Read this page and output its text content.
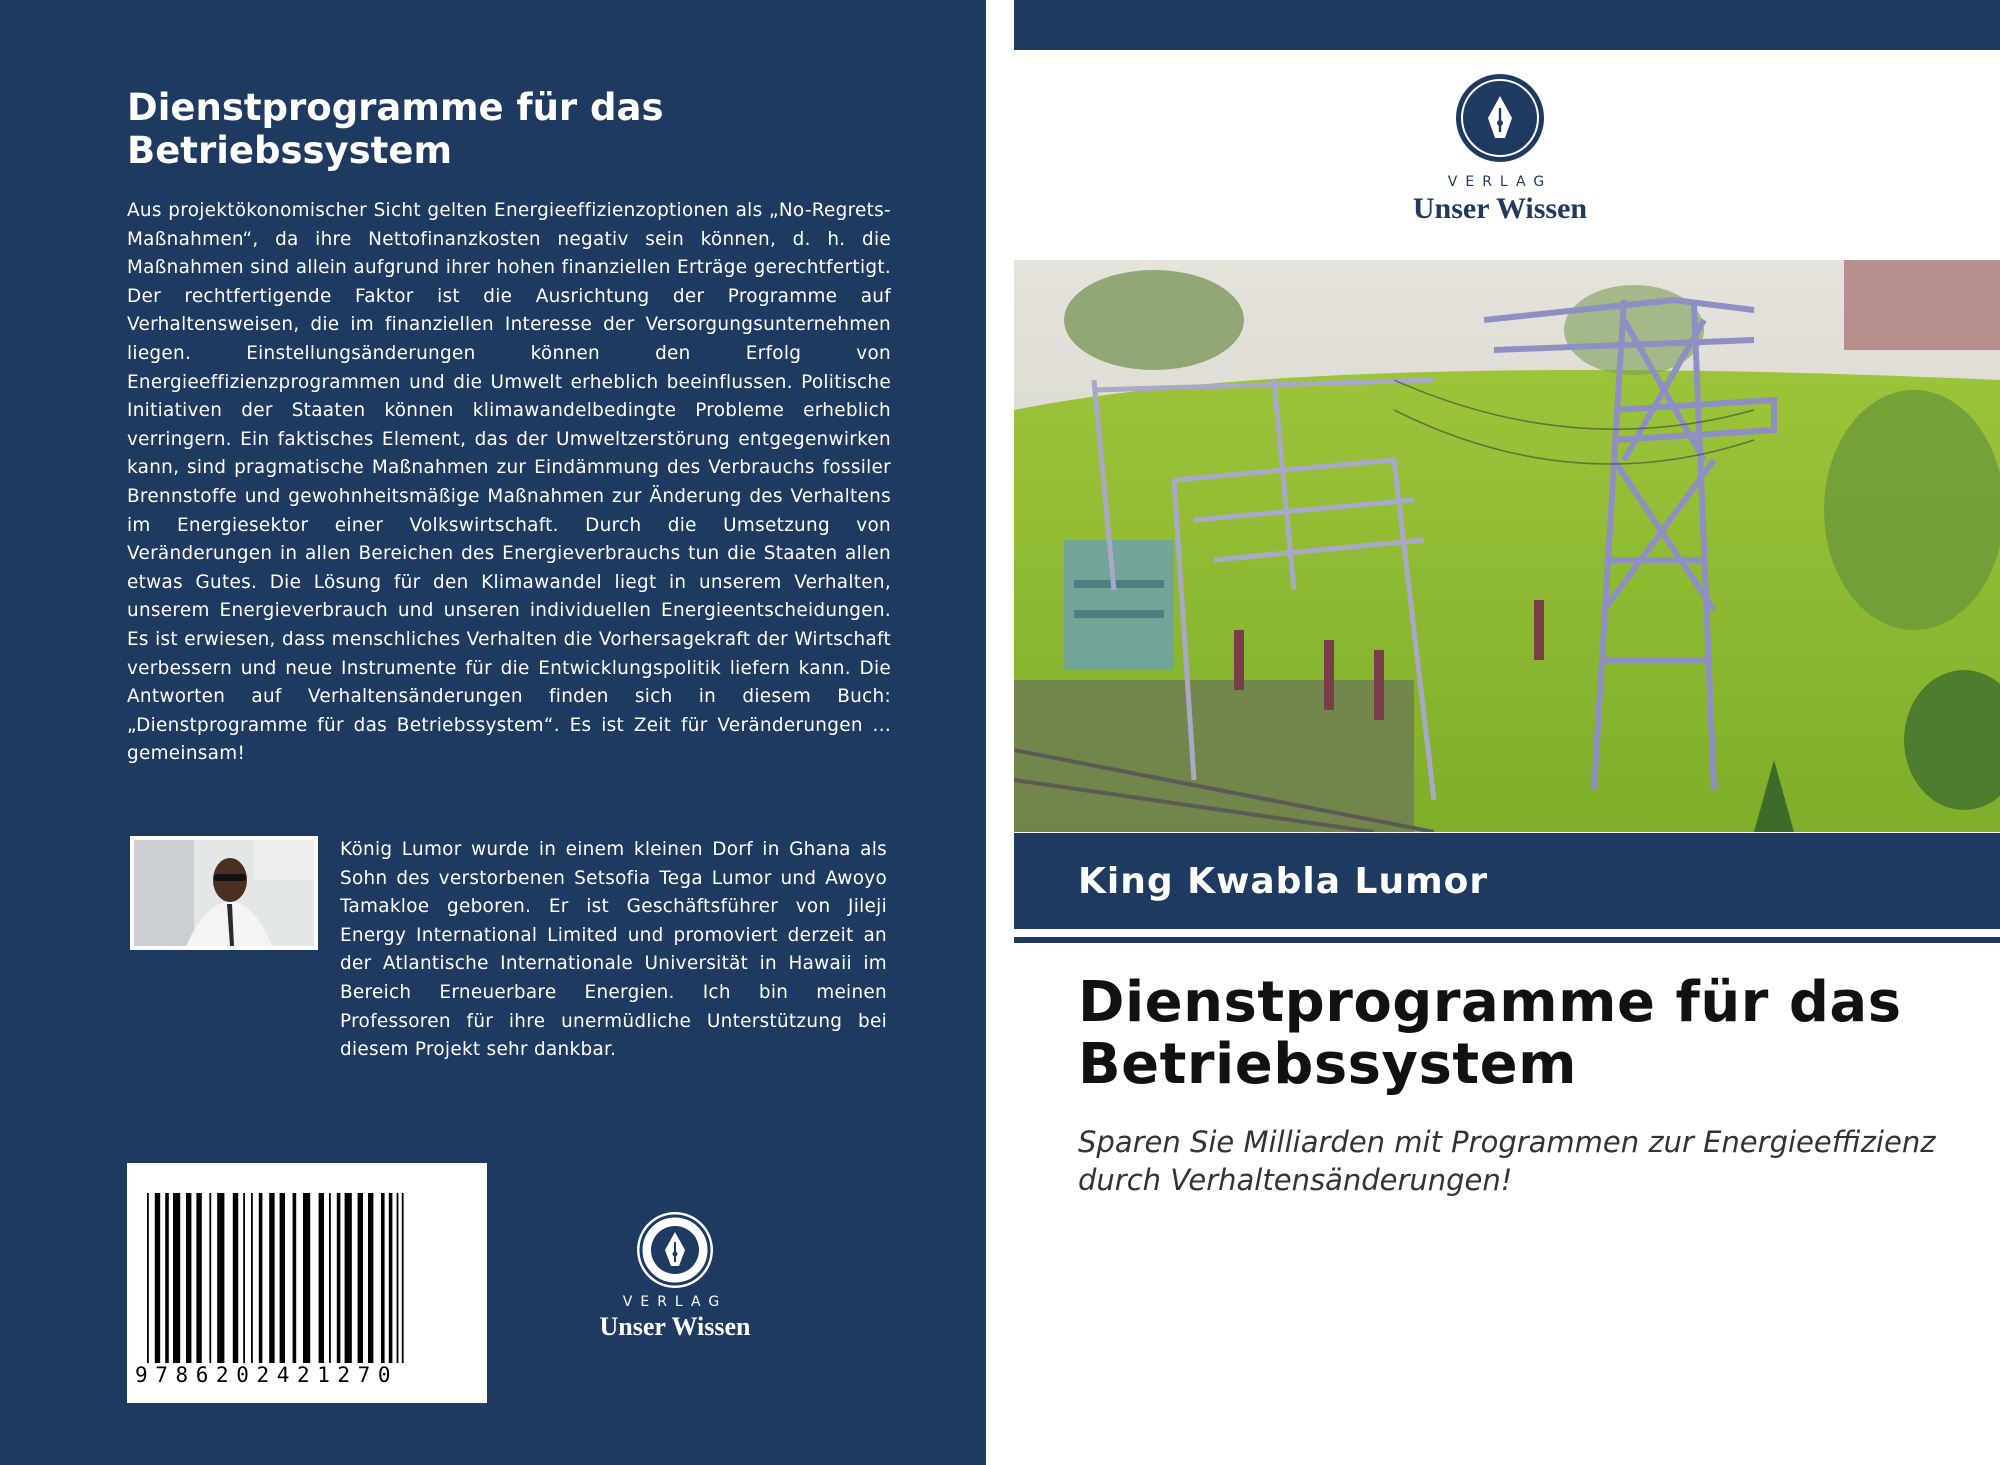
Dienstprogramme für das Betriebssystem
Aus projektökonomischer Sicht gelten Energieeffizienzoptionen als „No-Regrets-Maßnahmen“, da ihre Nettofinanzkosten negativ sein können, d. h. die Maßnahmen sind allein aufgrund ihrer hohen finanziellen Erträge gerechtfertigt. Der rechtfertigende Faktor ist die Ausrichtung der Programme auf Verhaltensweisen, die im finanziellen Interesse der Versorgungsunternehmen liegen. Einstellungsänderungen können den Erfolg von Energieeffizienzprogrammen und die Umwelt erheblich beeinflussen. Politische Initiativen der Staaten können klimawandelbedingte Probleme erheblich verringern. Ein faktisches Element, das der Umweltzerstörung entgegenwirken kann, sind pragmatische Maßnahmen zur Eindämmung des Verbrauchs fossiler Brennstoffe und gewohnheitsmäßige Maßnahmen zur Änderung des Verhaltens im Energiesektor einer Volkswirtschaft. Durch die Umsetzung von Veränderungen in allen Bereichen des Energieverbrauchs tun die Staaten allen etwas Gutes. Die Lösung für den Klimawandel liegt in unserem Verhalten, unserem Energieverbrauch und unseren individuellen Energieentscheidungen. Es ist erwiesen, dass menschliches Verhalten die Vorhersagekraft der Wirtschaft verbessern und neue Instrumente für die Entwicklungspolitik liefern kann. Die Antworten auf Verhaltensänderungen finden sich in diesem Buch: „Dienstprogramme für das Betriebssystem“. Es ist Zeit für Veränderungen ... gemeinsam!
König Lumor wurde in einem kleinen Dorf in Ghana als Sohn des verstorbenen Setsofia Tega Lumor und Awoyo Tamakloe geboren. Er ist Geschäftsführer von Jileji Energy International Limited und promoviert derzeit an der Atlantische Internationale Universität in Hawaii im Bereich Erneuerbare Energien. Ich bin meinen Professoren für ihre unermüdliche Unterstützung bei diesem Projekt sehr dankbar.
9786202421270
VERLAG
Unser Wissen
VERLAG
Unser Wissen
King Kwabla Lumor
Dienstprogramme für das Betriebssystem
Sparen Sie Milliarden mit Programmen zur Energieeffizienz durch Verhaltensänderungen!
